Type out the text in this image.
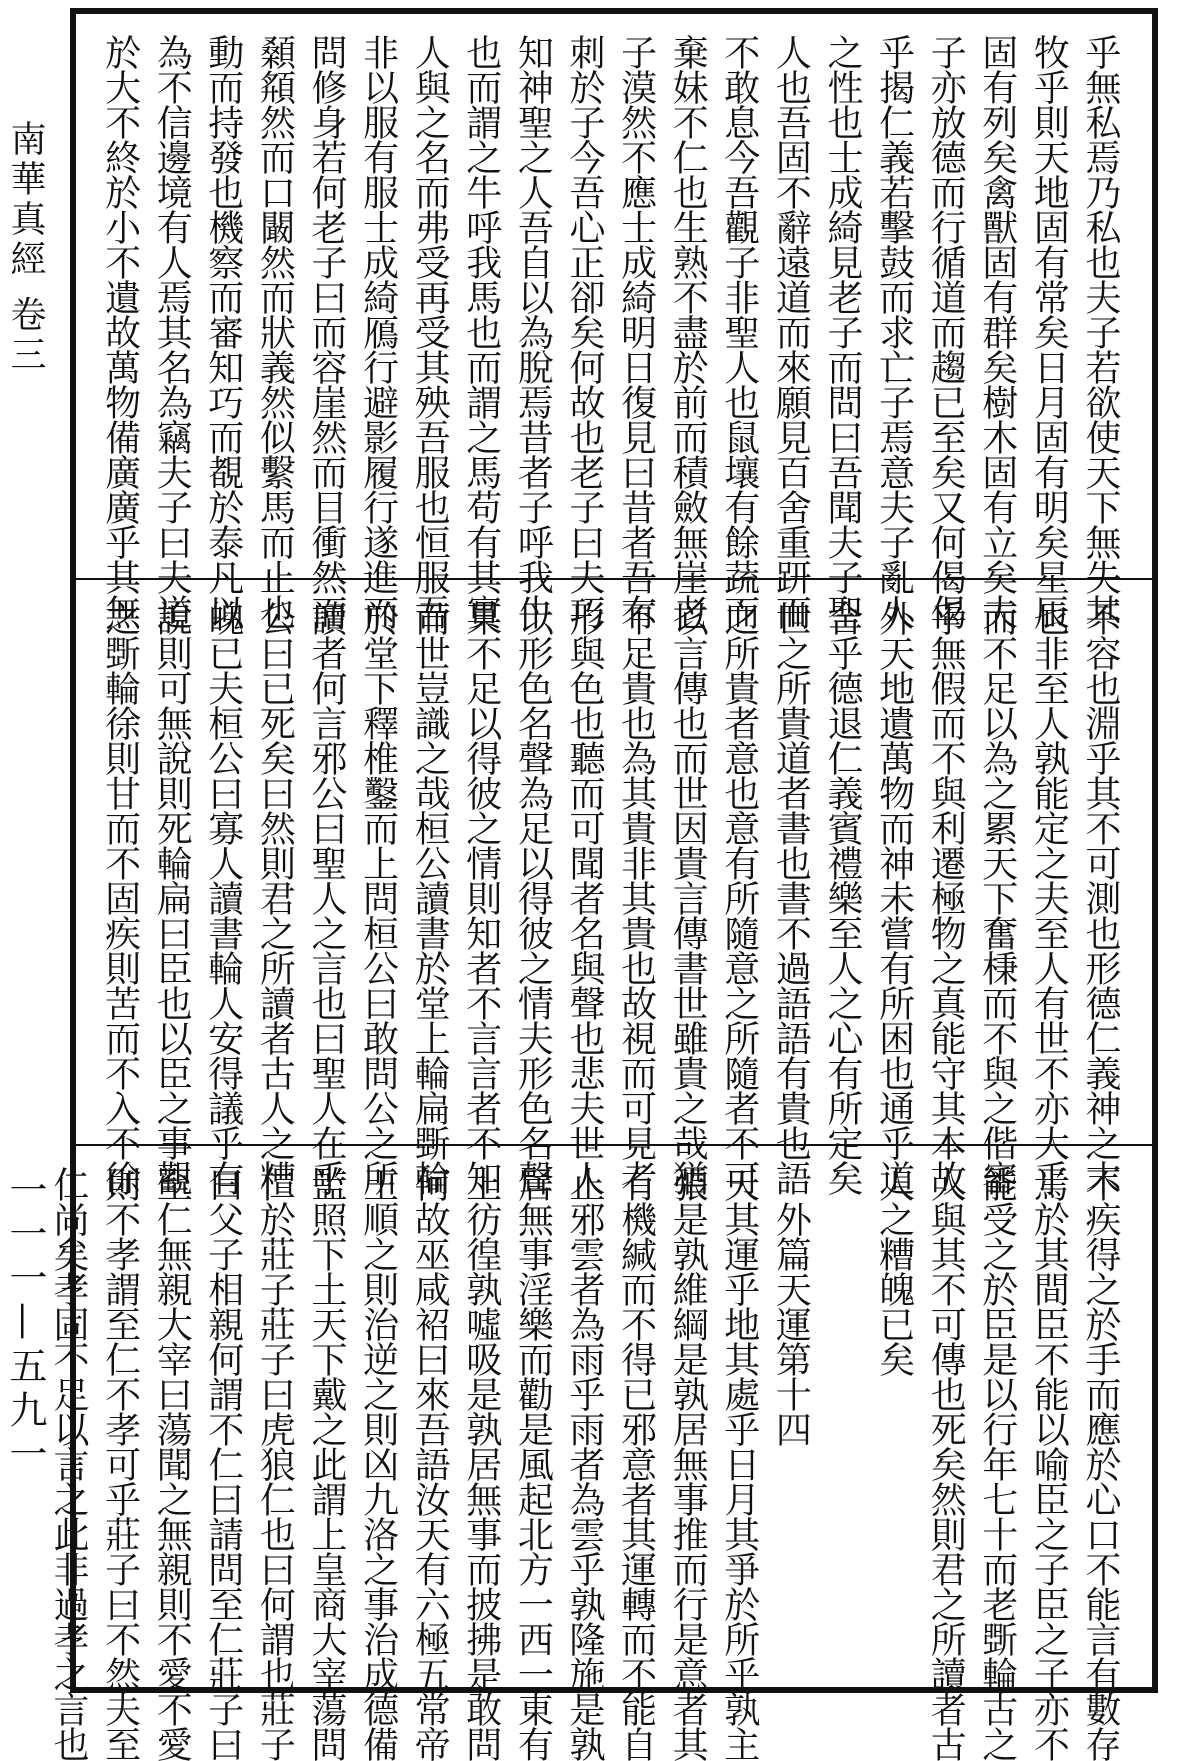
南華真經 卷三
一一一—五九一
乎無私焉乃私也夫子若欲使天下無失其
牧乎則天地固有常矣日月固有明矣星辰
固有列矣禽獸固有群矣樹木固有立矣夫
子亦放德而行循道而趨已至矣又何偈偈
乎揭仁義若擊鼓而求亡子焉意夫子亂人
之性也士成綺見老子而問曰吾聞夫子聖
人也吾固不辭遠道而來願見百舍重趼而
不敢息今吾觀子非聖人也鼠壤有餘蔬而
棄妹不仁也生熟不盡於前而積斂無崖老
子漠然不應士成綺明日復見曰昔者吾有
刺於子今吾心正卻矣何故也老子曰夫巧
知神聖之人吾自以為脫焉昔者子呼我牛
也而謂之牛呼我馬也而謂之馬苟有其實
人與之名而弗受再受其殃吾服也恒服吾
非以服有服士成綺鴈行避影履行遂進而
問修身若何老子曰而容崖然而目衝然而
顙頯然而口闞然而狀義然似繫馬而止也
動而持發也機察而審知巧而覩於泰凡以
為不信邊境有人焉其名為竊夫子曰夫道
於大不終於小不遺故萬物備廣廣乎其無
不容也淵乎其不可測也形德仁義神之末
也非至人孰能定之夫至人有世不亦大乎
而不足以為之累天下奮棅而不與之偕審
乎無假而不與利遷極物之真能守其本故
外天地遺萬物而神未嘗有所困也通乎道
合乎德退仁義賓禮樂至人之心有所定矣
世之所貴道者書也書不過語語有貴也語
之所貴者意也意有所隨意之所隨者不可
以言傳也而世因貴言傳書世雖貴之哉猶
不足貴也為其貴非其貴也故視而可見者
形與色也聽而可聞者名與聲也悲夫世人
以形色名聲為足以得彼之情夫形色名聲
果不足以得彼之情則知者不言言者不知
而世豈識之哉桓公讀書於堂上輪扁斲輪
於堂下釋椎鑿而上問桓公曰敢問公之所
讀者何言邪公曰聖人之言也曰聖人在乎
公曰已死矣曰然則君之所讀者古人之糟
魄已夫桓公曰寡人讀書輪人安得議乎有
說則可無說則死輪扁曰臣也以臣之事觀
之斲輪徐則甘而不固疾則苦而不入不徐
不疾得之於手而應於心口不能言有數存
焉於其間臣不能以喻臣之子臣之子亦不
能受之於臣是以行年七十而老斲輪古之
人與其不可傳也死矣然則君之所讀者古
人之糟魄已矣
　外篇天運第十四
天其運乎地其處乎日月其爭於所乎孰主
張是孰維綱是孰居無事推而行是意者其
有機緘而不得已邪意者其運轉而不能自
止邪雲者為雨乎雨者為雲乎孰隆施是孰
居無事淫樂而勸是風起北方一西一東有
上彷徨孰噓吸是孰居無事而披拂是敢問
何故巫咸袑曰來吾語汝天有六極五常帝
王順之則治逆之則凶九洛之事治成德備
監照下土天下戴之此謂上皇商大宰蕩問
仁於莊子莊子曰虎狼仁也曰何謂也莊子
曰父子相親何謂不仁曰請問至仁莊子曰
至仁無親大宰曰蕩聞之無親則不愛不愛
則不孝謂至仁不孝可乎莊子曰不然夫至
仁尚矣孝固不足以言之此非過孝之言也
